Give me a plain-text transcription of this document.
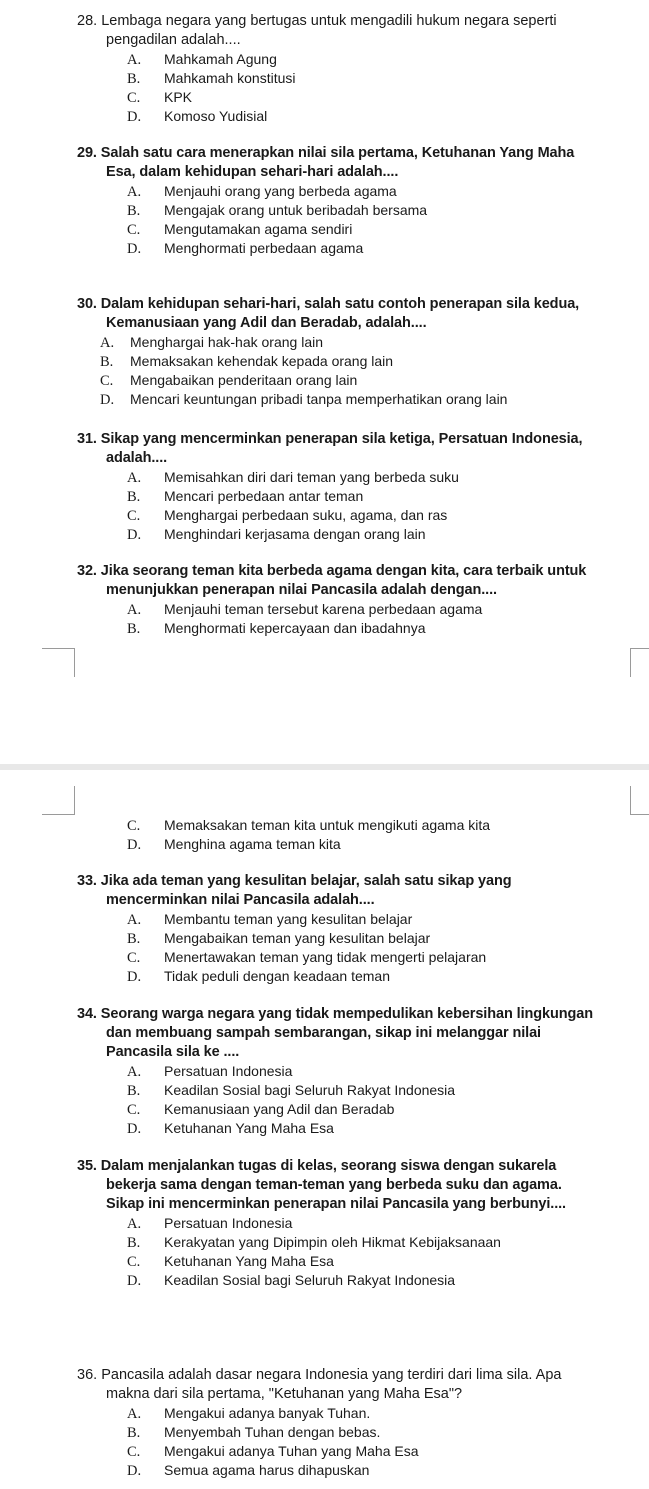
28. Lembaga negara yang bertugas untuk mengadili hukum negara seperti
pengadilan adalah....

A. Mahkamah Agung
B. Mahkamah konstitusi
C. KPK
D. Komoso Yudisial

29. Salah satu cara menerapkan nilai sila pertama, Ketuhanan Yang Maha
Esa, dalam kehidupan sehari-hari adalah....

A. Menjauhi orang yang berbeda agama
B. Mengajak orang untuk beribadah bersama
C. Mengutamakan agama sendiri
D. Menghormati perbedaan agama

30. Dalam kehidupan sehari-hari, salah satu contoh penerapan sila kedua,
Kemanusiaan yang Adil dan Beradab, adalah....

A. Menghargai hak-hak orang lain
B. Memaksakan kehendak kepada orang lain
C. Mengabaikan penderitaan orang lain
D. Mencari keuntungan pribadi tanpa memperhatikan orang lain

31. Sikap yang mencerminkan penerapan sila ketiga, Persatuan Indonesia,
adalah....

A. Memisahkan diri dari teman yang berbeda suku
B. Mencari perbedaan antar teman
C. Menghargai perbedaan suku, agama, dan ras
D. Menghindari kerjasama dengan orang lain

32. Jika seorang teman kita berbeda agama dengan kita, cara terbaik untuk
menunjukkan penerapan nilai Pancasila adalah dengan....

A. Menjauhi teman tersebut karena perbedaan agama
B. Menghormati kepercayaan dan ibadahnya
C. Memaksakan teman kita untuk mengikuti agama kita
D. Menghina agama teman kita

33. Jika ada teman yang kesulitan belajar, salah satu sikap yang
mencerminkan nilai Pancasila adalah....

A. Membantu teman yang kesulitan belajar
B. Mengabaikan teman yang kesulitan belajar
C. Menertawakan teman yang tidak mengerti pelajaran
D. Tidak peduli dengan keadaan teman

34. Seorang warga negara yang tidak mempedulikan kebersihan lingkungan
dan membuang sampah sembarangan, sikap ini melanggar nilai
Pancasila sila ke ....

A. Persatuan Indonesia
B. Keadilan Sosial bagi Seluruh Rakyat Indonesia
C. Kemanusiaan yang Adil dan Beradab
D. Ketuhanan Yang Maha Esa

35. Dalam menjalankan tugas di kelas, seorang siswa dengan sukarela
bekerja sama dengan teman-teman yang berbeda suku dan agama.
Sikap ini mencerminkan penerapan nilai Pancasila yang berbunyi....

A. Persatuan Indonesia
B. Kerakyatan yang Dipimpin oleh Hikmat Kebijaksanaan
C. Ketuhanan Yang Maha Esa
D. Keadilan Sosial bagi Seluruh Rakyat Indonesia

36. Pancasila adalah dasar negara Indonesia yang terdiri dari lima sila. Apa
makna dari sila pertama, "Ketuhanan yang Maha Esa"?

A. Mengakui adanya banyak Tuhan.
B. Menyembah Tuhan dengan bebas.
C. Mengakui adanya Tuhan yang Maha Esa
D. Semua agama harus dihapuskan
